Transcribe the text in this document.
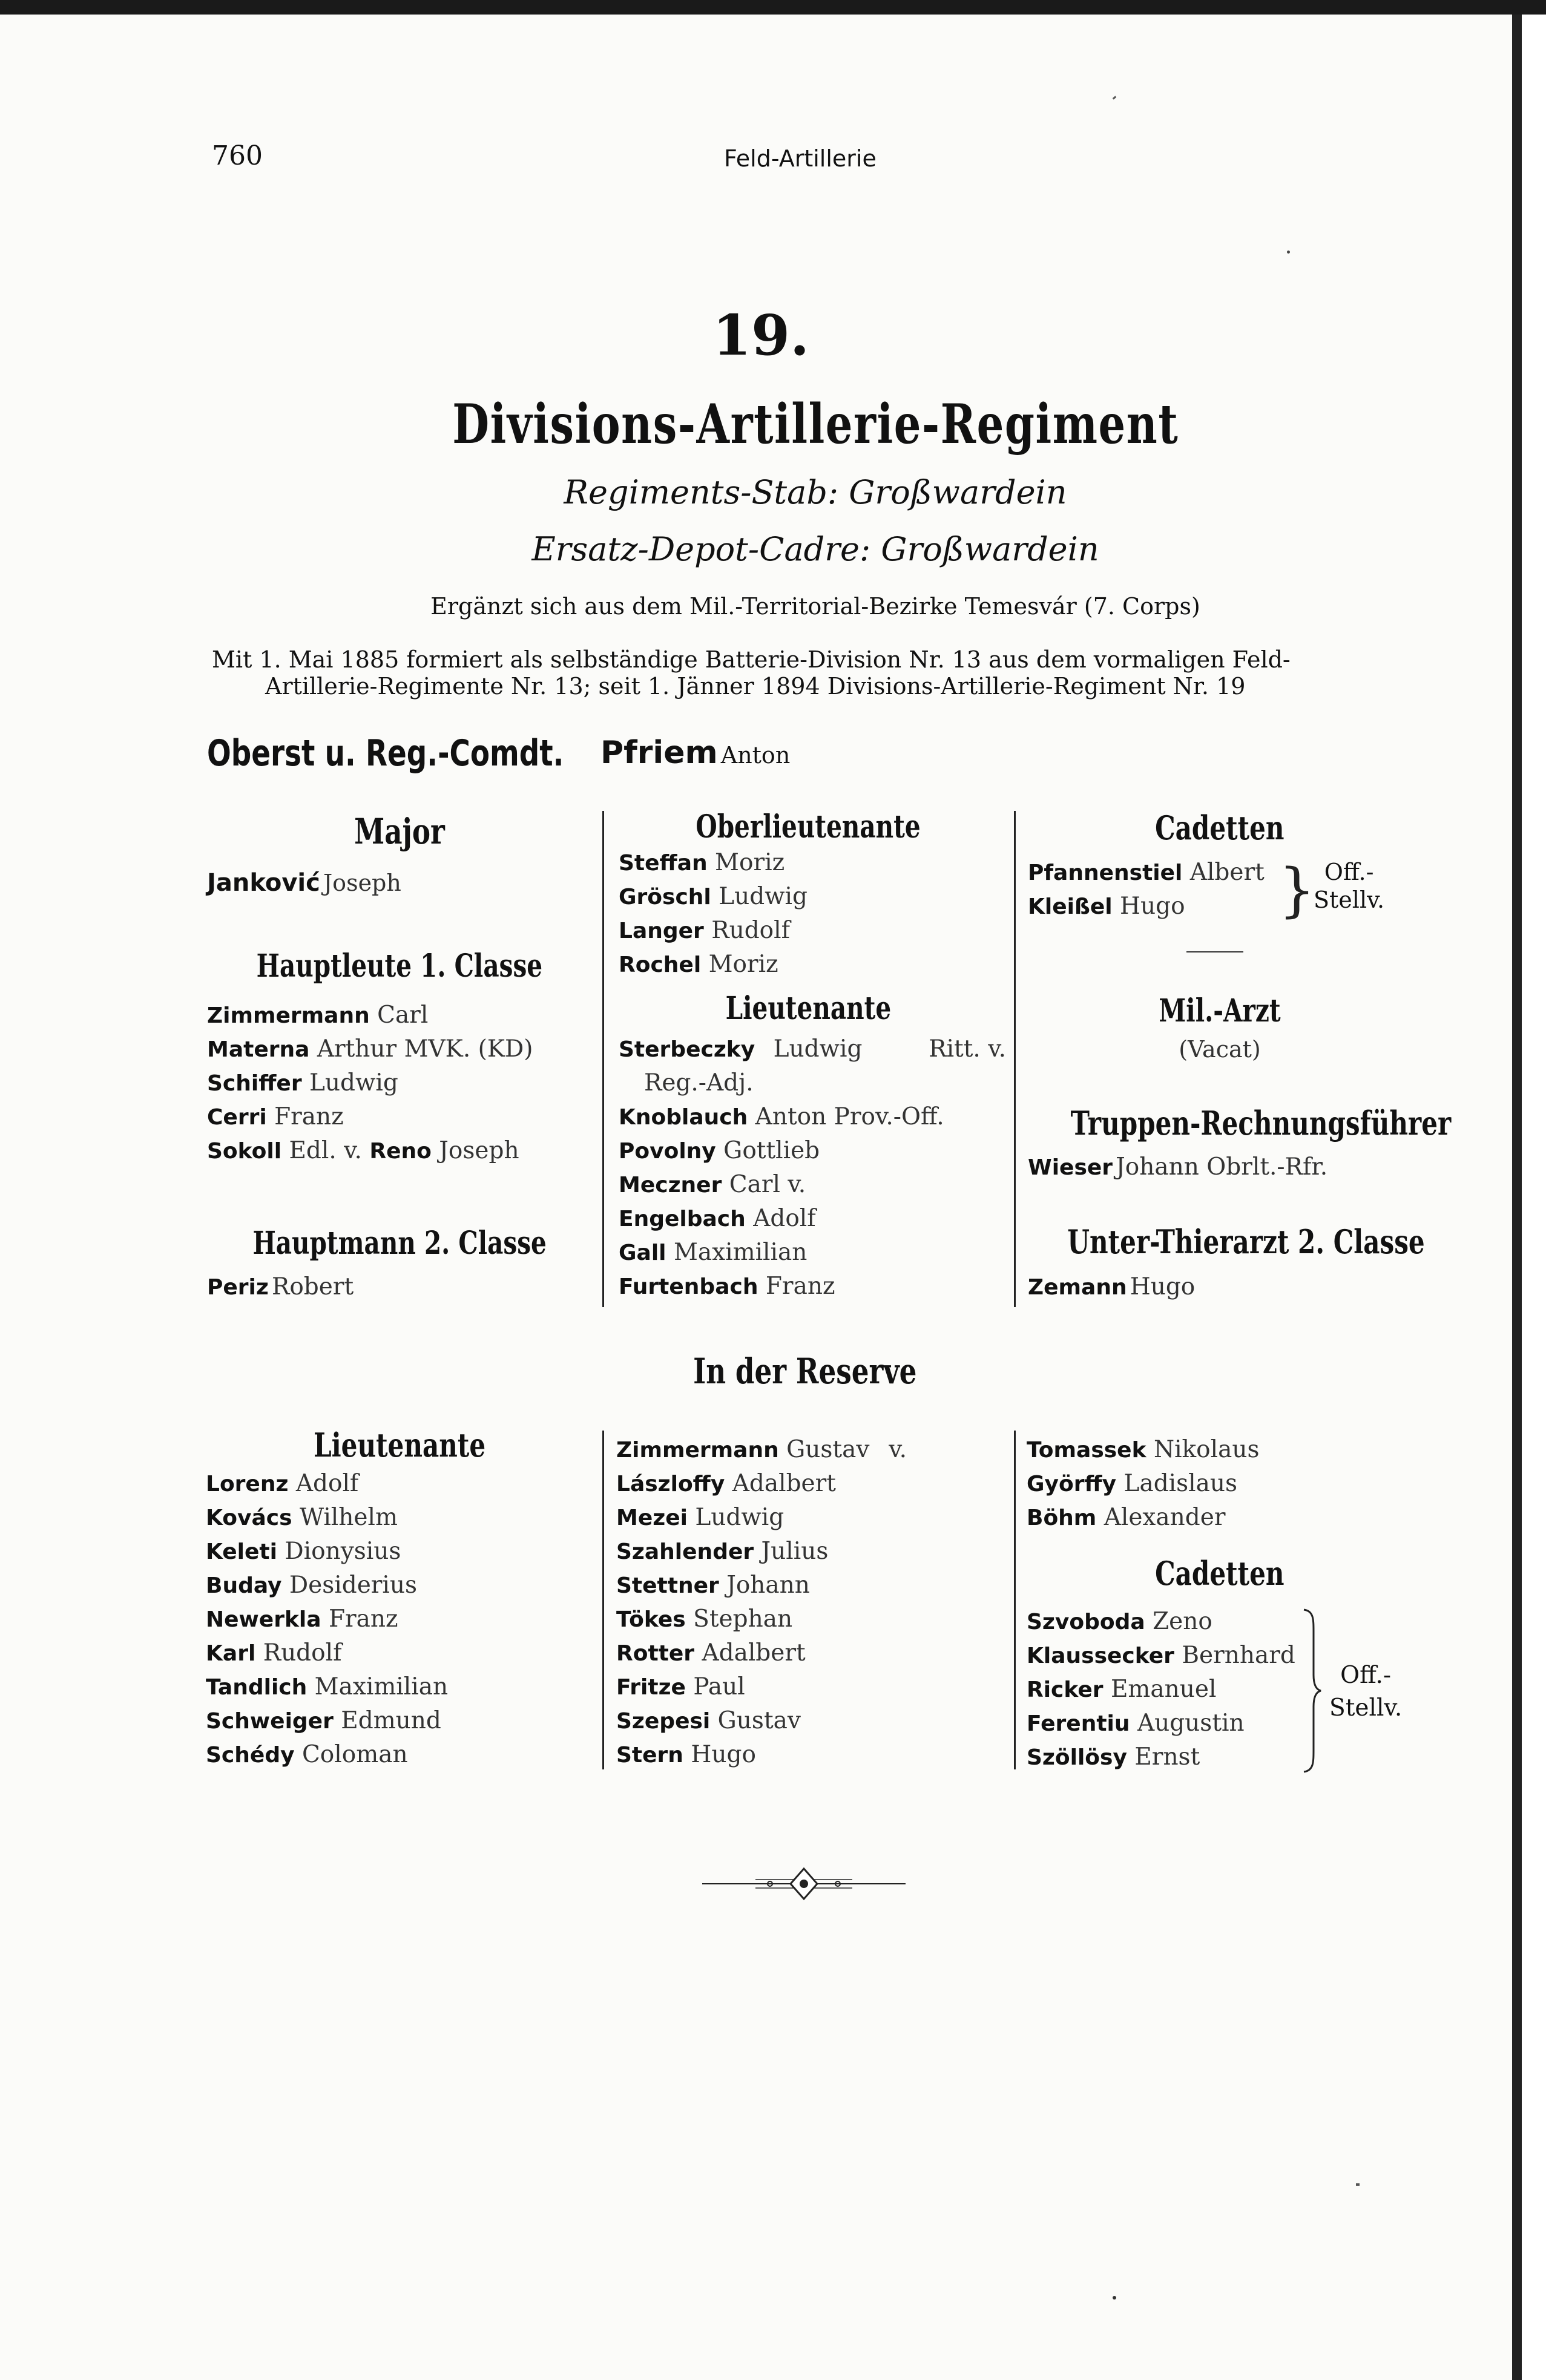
760	Feld-Artillerie
19.
Divisions-Artillerie-Regiment
Regiments-Stab: Großwardein
Ersatz-Depot-Cadre: Großwardein
Ergänzt sich aus dem Mil.-Territorial-Bezirke Temesvár (7. Corps)
Mit 1. Mai 1885 formiert als selbständige Batterie-Division Nr. 13 aus dem vormaligen Feld-
Artillerie-Regimente Nr. 13; seit 1. Jänner 1894 Divisions-Artillerie-Regiment Nr. 19
Oberst u. Reg.-Comdt.	Pfriem Anton
Major
Janković Joseph
Hauptleute 1. Classe
Zimmermann Carl
Materna Arthur MVK. (KD)
Schiffer Ludwig
Cerri Franz
Sokoll Edl. v. Reno Joseph
Hauptmann 2. Classe
Periz Robert
Oberlieutenante
Steffan Moriz
Gröschl Ludwig
Langer Rudolf
Rochel Moriz
Lieutenante
Sterbeczky Ludwig	Ritt. v.
Reg.-Adj.
Knoblauch Anton Prov.-Off.
Povolny Gottlieb
Meczner Carl v.
Engelbach Adolf
Gall Maximilian
Furtenbach Franz
Cadetten
Pfannenstiel Albert
Kleißel Hugo	} Off.-
Stellv.
Mil.-Arzt
(Vacat)
Truppen-Rechnungsführer
Wieser Johann Obrlt.-Rfr.
Unter-Thierarzt 2. Classe
Zemann Hugo
In der Reserve
Lieutenante
Lorenz Adolf
Kovács Wilhelm
Keleti Dionysius
Buday Desiderius
Newerkla Franz
Karl Rudolf
Tandlich Maximilian
Schweiger Edmund
Schédy Coloman
Zimmermann Gustav v.
Lászloffy Adalbert
Mezei Ludwig
Szahlender Julius
Stettner Johann
Tökes Stephan
Rotter Adalbert
Fritze Paul
Szepesi Gustav
Stern Hugo
Tomassek Nikolaus
Györffy Ladislaus
Böhm Alexander
Cadetten
Szvoboda Zeno
Klaussecker Bernhard
Ricker Emanuel
Ferentiu Augustin
Szöllösy Ernst
Off.-
Stellv.
